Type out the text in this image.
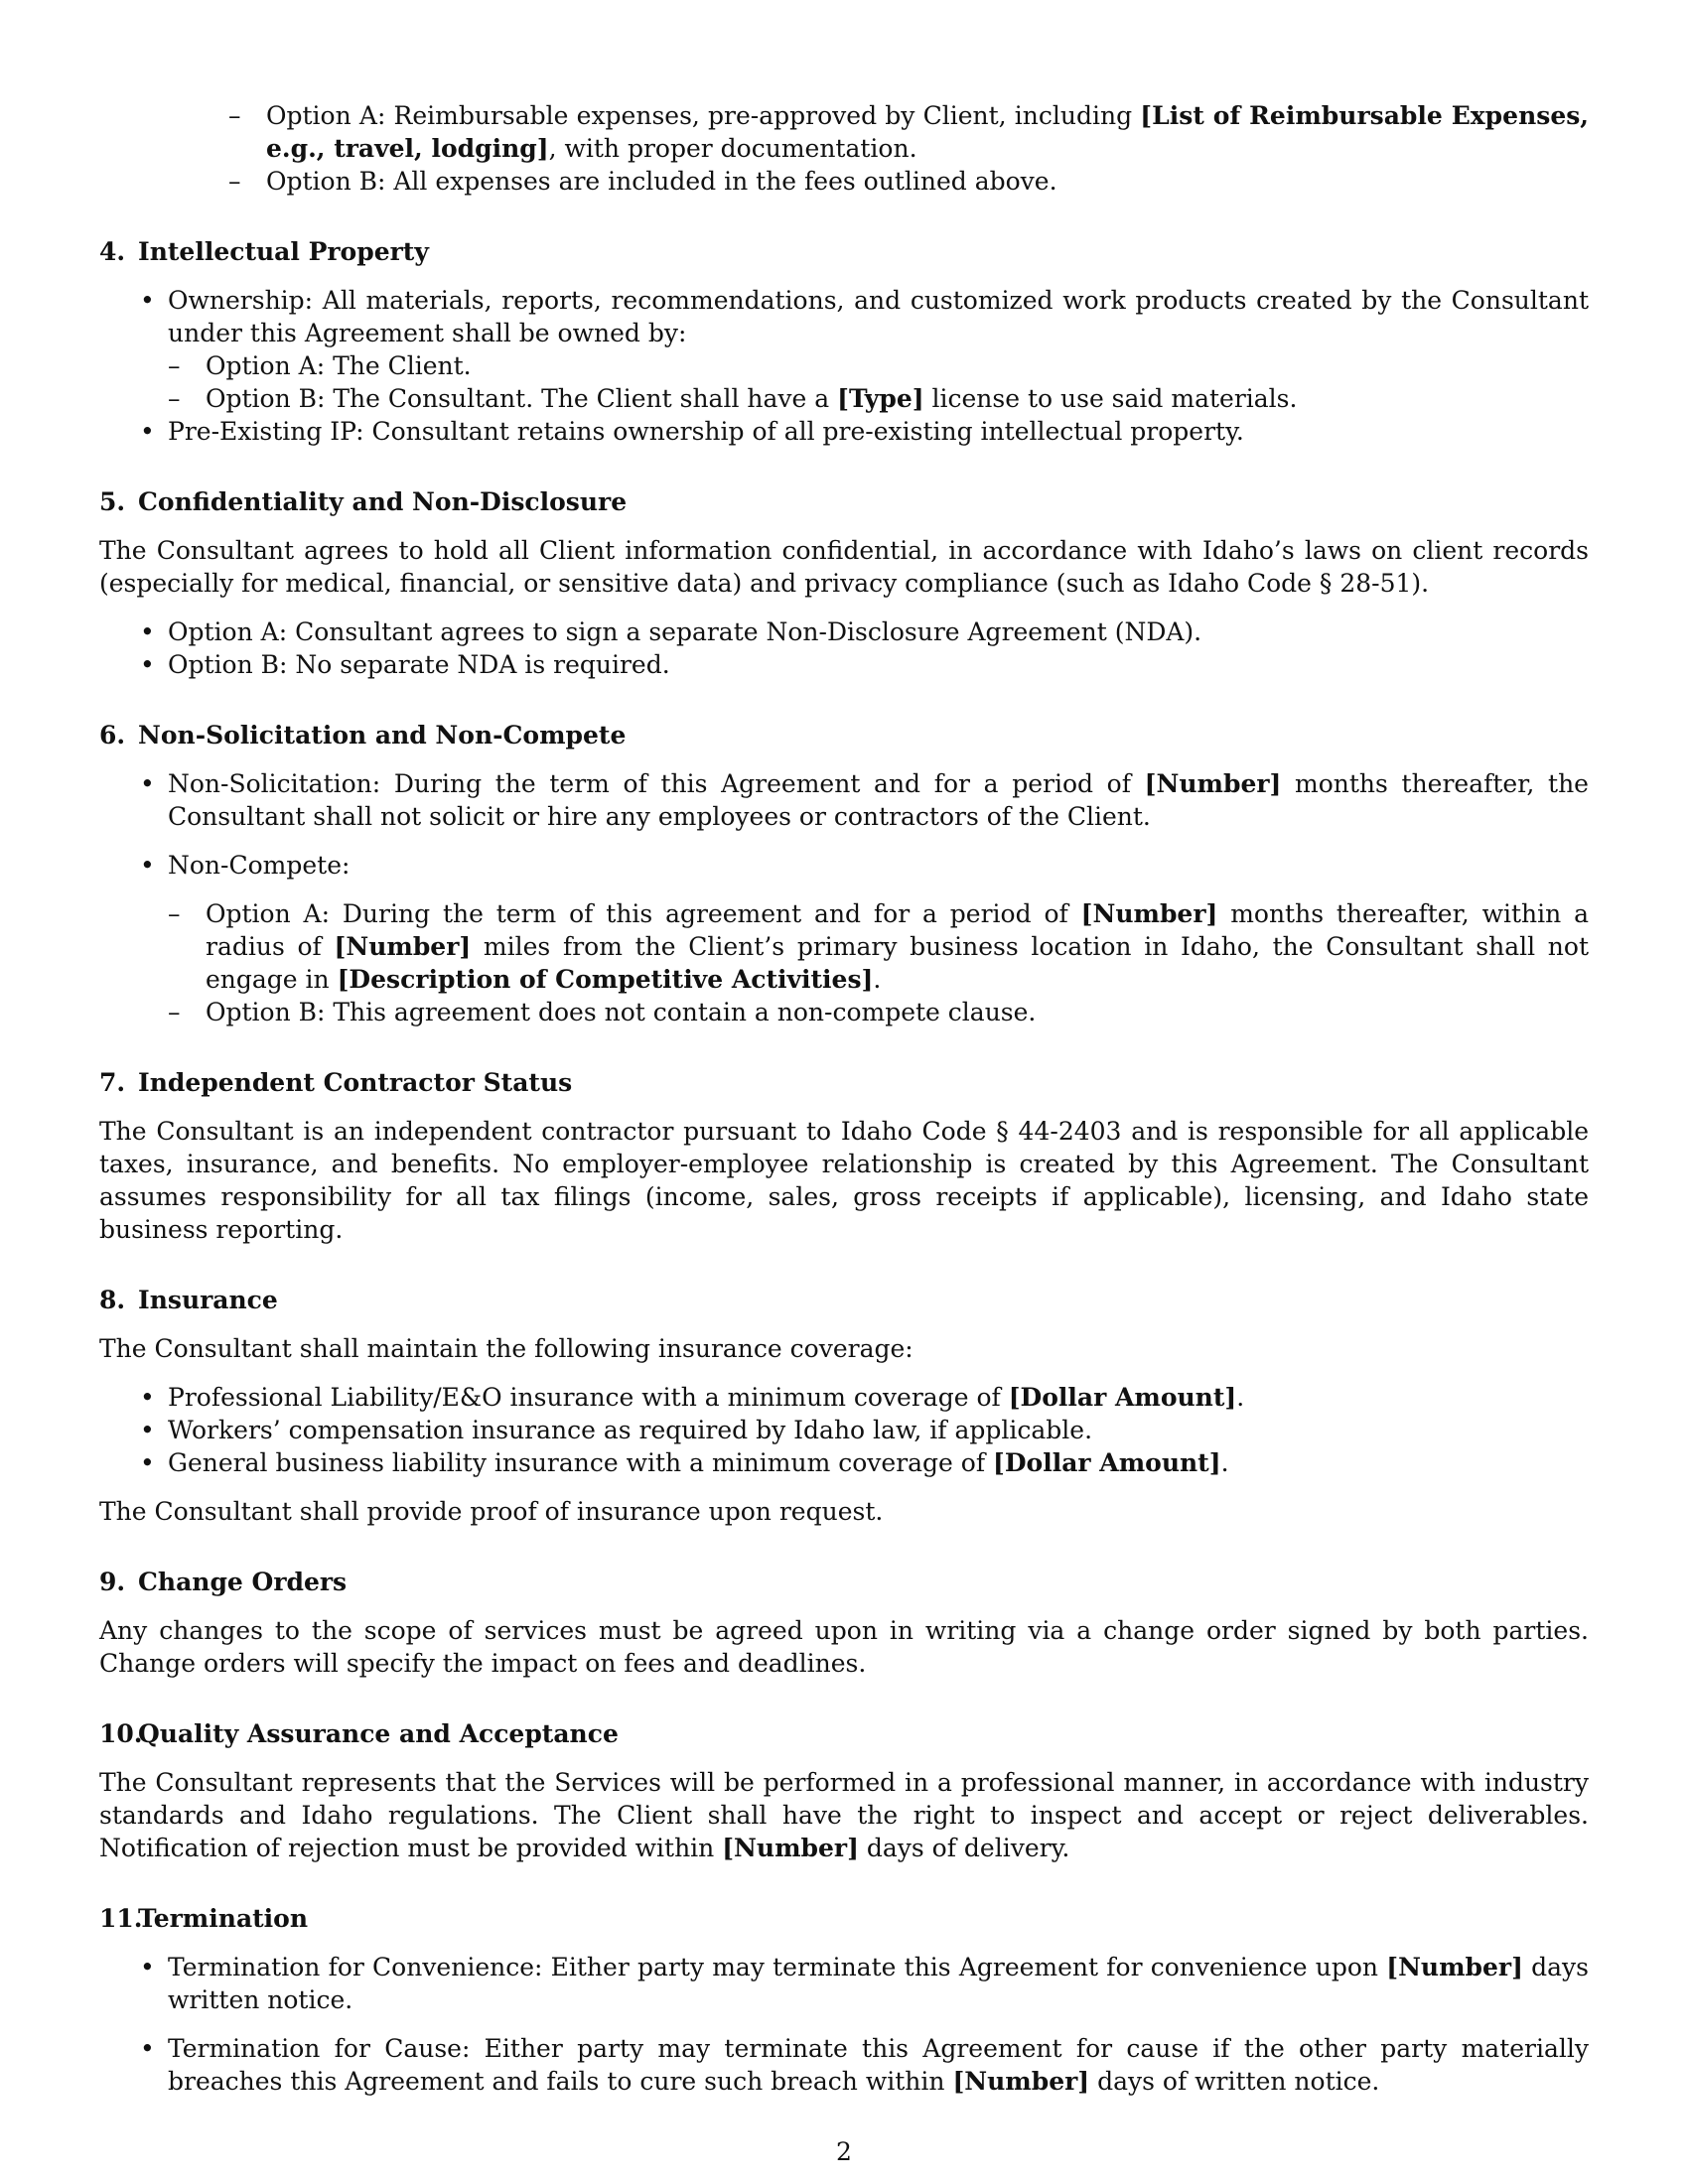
– Option A: Reimbursable expenses, pre-approved by Client, including [List of Reimbursable Expenses, e.g., travel, lodging], with proper documentation.
– Option B: All expenses are included in the fees outlined above.
4. Intellectual Property
• Ownership: All materials, reports, recommendations, and customized work products created by the Consultant under this Agreement shall be owned by:
– Option A: The Client.
– Option B: The Consultant. The Client shall have a [Type] license to use said materials.
• Pre-Existing IP: Consultant retains ownership of all pre-existing intellectual property.
5. Confidentiality and Non-Disclosure

The Consultant agrees to hold all Client information confidential, in accordance with Idaho’s laws on client records (especially for medical, financial, or sensitive data) and privacy compliance (such as Idaho Code § 28-51).

• Option A: Consultant agrees to sign a separate Non-Disclosure Agreement (NDA).
• Option B: No separate NDA is required.
6. Non-Solicitation and Non-Compete
• Non-Solicitation: During the term of this Agreement and for a period of [Number] months thereafter, the Consultant shall not solicit or hire any employees or contractors of the Client.
• Non-Compete:
– Option A: During the term of this agreement and for a period of [Number] months thereafter, within a radius of [Number] miles from the Client’s primary business location in Idaho, the Consultant shall not engage in [Description of Competitive Activities].
– Option B: This agreement does not contain a non-compete clause.
7. Independent Contractor Status

The Consultant is an independent contractor pursuant to Idaho Code § 44-2403 and is responsible for all applicable taxes, insurance, and benefits. No employer-employee relationship is created by this Agreement. The Consultant assumes responsibility for all tax filings (income, sales, gross receipts if applicable), licensing, and Idaho state business reporting.

8. Insurance

The Consultant shall maintain the following insurance coverage:

• Professional Liability/E&O insurance with a minimum coverage of [Dollar Amount].
• Workers’ compensation insurance as required by Idaho law, if applicable.
• General business liability insurance with a minimum coverage of [Dollar Amount].

The Consultant shall provide proof of insurance upon request.

9. Change Orders

Any changes to the scope of services must be agreed upon in writing via a change order signed by both parties. Change orders will specify the impact on fees and deadlines.

10.Quality Assurance and Acceptance

The Consultant represents that the Services will be performed in a professional manner, in accordance with industry standards and Idaho regulations. The Client shall have the right to inspect and accept or reject deliverables. Notification of rejection must be provided within [Number] days of delivery.

11.Termination
• Termination for Convenience: Either party may terminate this Agreement for convenience upon [Number] days written notice.
• Termination for Cause: Either party may terminate this Agreement for cause if the other party materially breaches this Agreement and fails to cure such breach within [Number] days of written notice.
2
